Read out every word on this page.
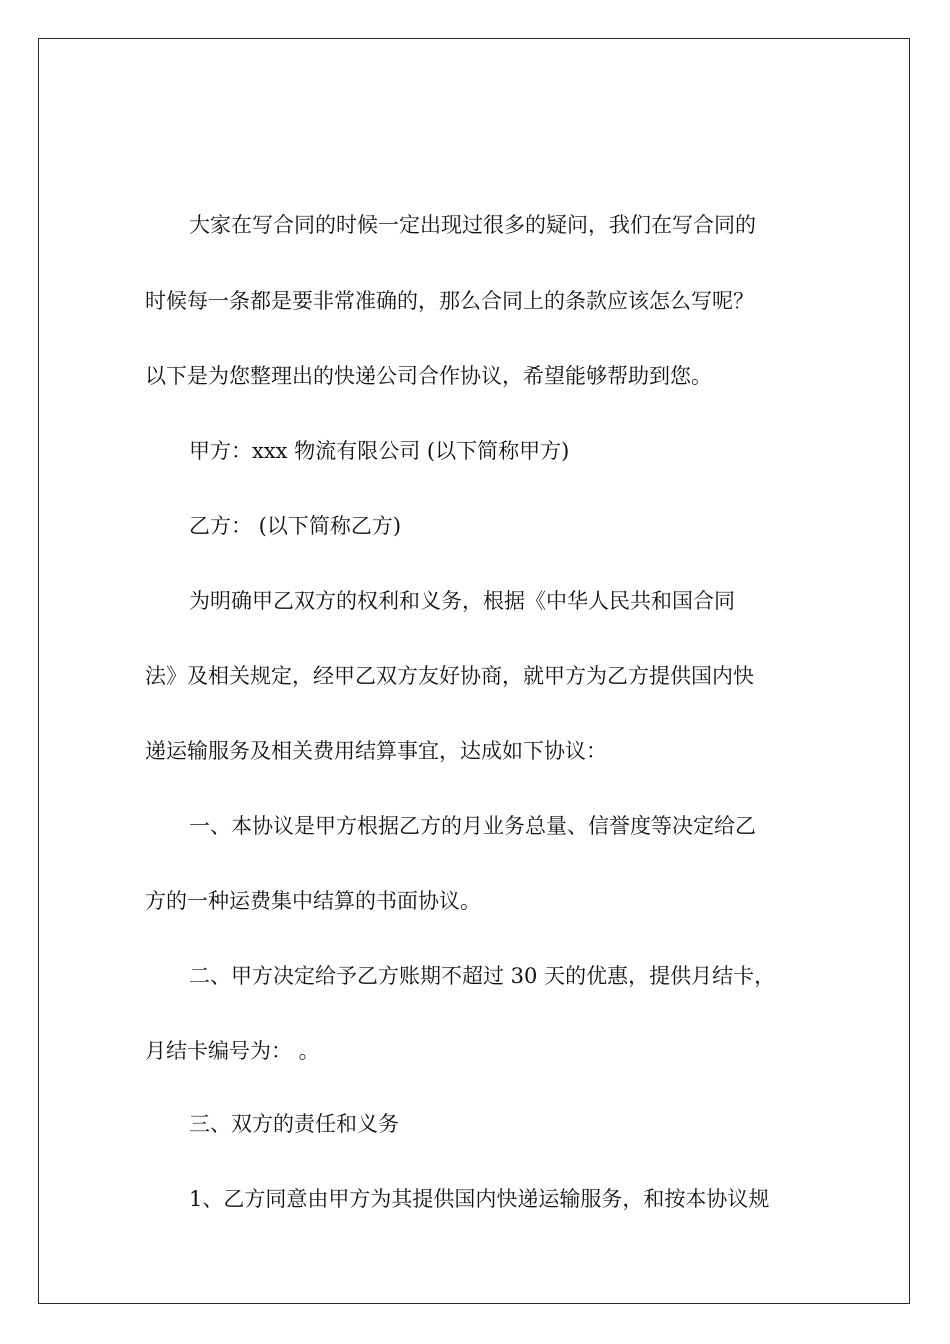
大家在写合同的时候一定出现过很多的疑问，我们在写合同的
时候每一条都是要非常准确的，那么合同上的条款应该怎么写呢？
以下是为您整理出的快递公司合作协议，希望能够帮助到您。
甲方：xxx 物流有限公司 (以下简称甲方)
乙方： (以下简称乙方)
为明确甲乙双方的权利和义务，根据《中华人民共和国合同
法》及相关规定，经甲乙双方友好协商，就甲方为乙方提供国内快
递运输服务及相关费用结算事宜，达成如下协议：
一、本协议是甲方根据乙方的月业务总量、信誉度等决定给乙
方的一种运费集中结算的书面协议。
二、甲方决定给予乙方账期不超过 30 天的优惠，提供月结卡，
月结卡编号为： 。
三、双方的责任和义务
1、乙方同意由甲方为其提供国内快递运输服务，和按本协议规
